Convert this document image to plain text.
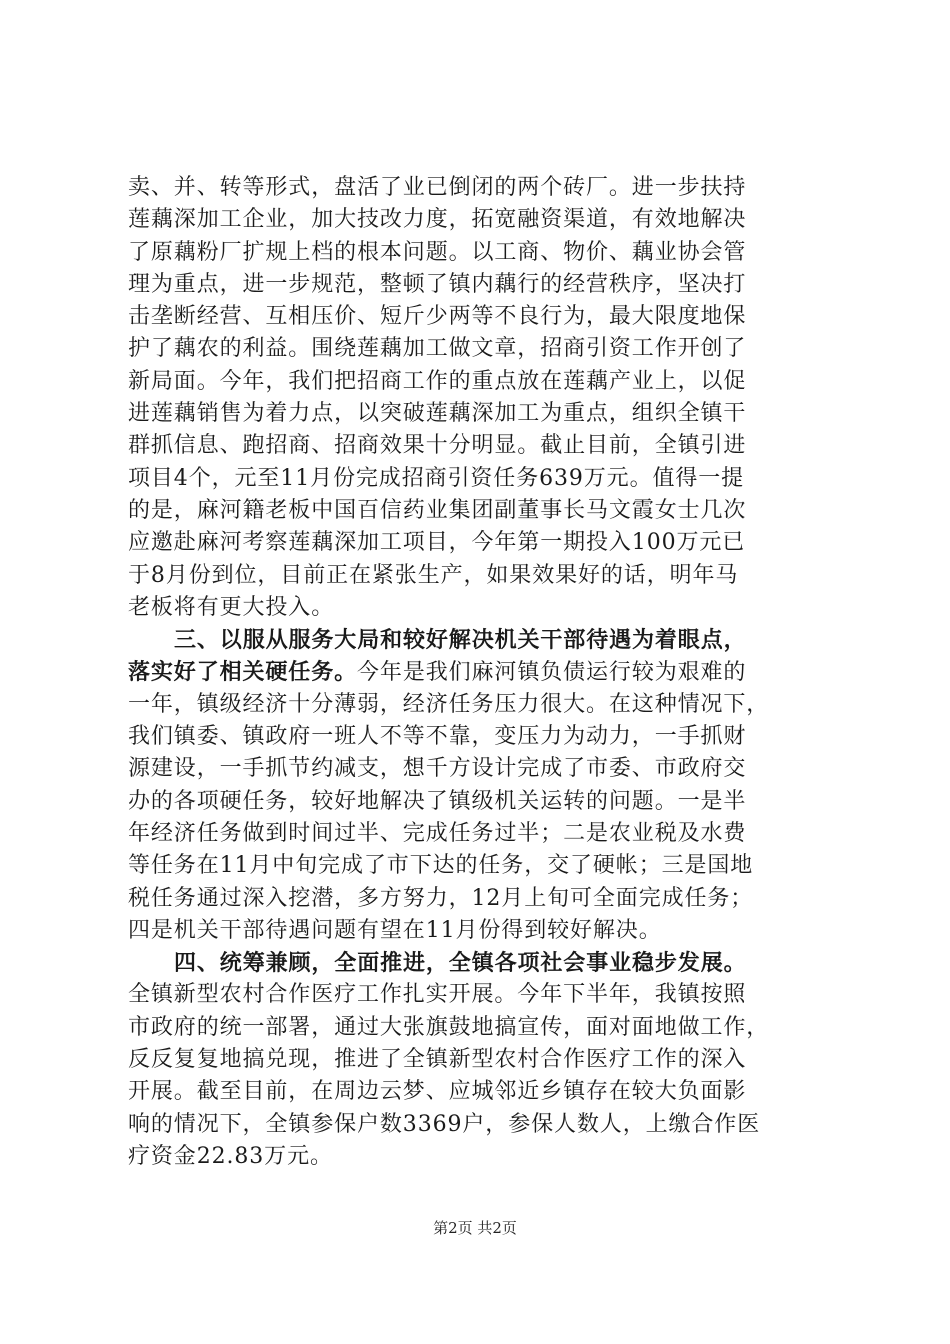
卖、并、转等形式，盘活了业已倒闭的两个砖厂。进一步扶持
莲藕深加工企业，加大技改力度，拓宽融资渠道，有效地解决
了原藕粉厂扩规上档的根本问题。以工商、物价、藕业协会管
理为重点，进一步规范，整顿了镇内藕行的经营秩序，坚决打
击垄断经营、互相压价、短斤少两等不良行为，最大限度地保
护了藕农的利益。围绕莲藕加工做文章，招商引资工作开创了
新局面。今年，我们把招商工作的重点放在莲藕产业上，以促
进莲藕销售为着力点，以突破莲藕深加工为重点，组织全镇干
群抓信息、跑招商、招商效果十分明显。截止目前，全镇引进
项目4个，元至11月份完成招商引资任务639万元。值得一提
的是，麻河籍老板中国百信药业集团副董事长马文霞女士几次
应邀赴麻河考察莲藕深加工项目，今年第一期投入100万元已
于8月份到位，目前正在紧张生产，如果效果好的话，明年马
老板将有更大投入。
三、以服从服务大局和较好解决机关干部待遇为着眼点，
落实好了相关硬任务。今年是我们麻河镇负债运行较为艰难的
一年，镇级经济十分薄弱，经济任务压力很大。在这种情况下，
我们镇委、镇政府一班人不等不靠，变压力为动力，一手抓财
源建设，一手抓节约减支，想千方设计完成了市委、市政府交
办的各项硬任务，较好地解决了镇级机关运转的问题。一是半
年经济任务做到时间过半、完成任务过半；二是农业税及水费
等任务在11月中旬完成了市下达的任务，交了硬帐；三是国地
税任务通过深入挖潜，多方努力，12月上旬可全面完成任务；
四是机关干部待遇问题有望在11月份得到较好解决。
四、统筹兼顾，全面推进，全镇各项社会事业稳步发展。
全镇新型农村合作医疗工作扎实开展。今年下半年，我镇按照
市政府的统一部署，通过大张旗鼓地搞宣传，面对面地做工作，
反反复复地搞兑现，推进了全镇新型农村合作医疗工作的深入
开展。截至目前，在周边云梦、应城邻近乡镇存在较大负面影
响的情况下，全镇参保户数3369户，参保人数人，上缴合作医
疗资金22.83万元。
第2页 共2页
